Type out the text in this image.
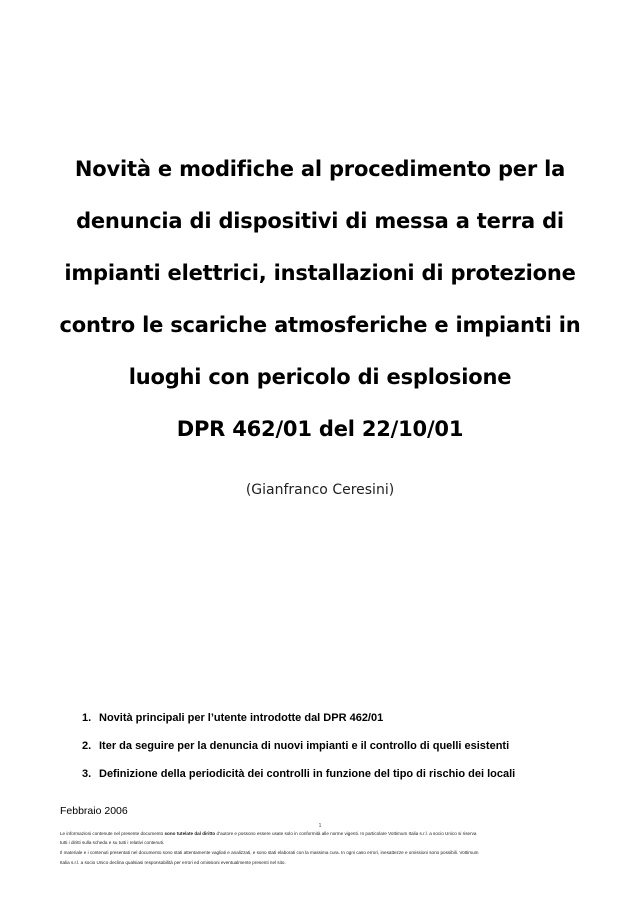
Novità e modifiche al procedimento per la
denuncia di dispositivi di messa a terra di
impianti elettrici, installazioni di protezione
contro le scariche atmosferiche e impianti in
luoghi con pericolo di esplosione
DPR 462/01 del 22/10/01
(Gianfranco Ceresini)
1. Novità principali per l’utente introdotte dal DPR 462/01
2. Iter da seguire per la denuncia di nuovi impianti e il controllo di quelli esistenti
3. Definizione della periodicità dei controlli in funzione del tipo di rischio dei locali
Febbraio 2006
1
Le informazioni contenute nel presente documento sono tutelate dal diritto d’autore e possono essere usate solo in conformità alle norme vigenti. In particolare Vottimum Italia s.r.l. a socio Unico si riserva
tutti i diritti sulla scheda e su tutti i relativi contenuti.
Il materiale e i contenuti presentati nel documento sono stati attentamente vagliati e analizzati, e sono stati elaborati con la massima cura. In ogni caso errori, inesattezze e omissioni sono possibili. Vottimum
Italia s.r.l. a socio Unico declina qualsiasi responsabilità per errori ed omissioni eventualmente presenti nel sito.
